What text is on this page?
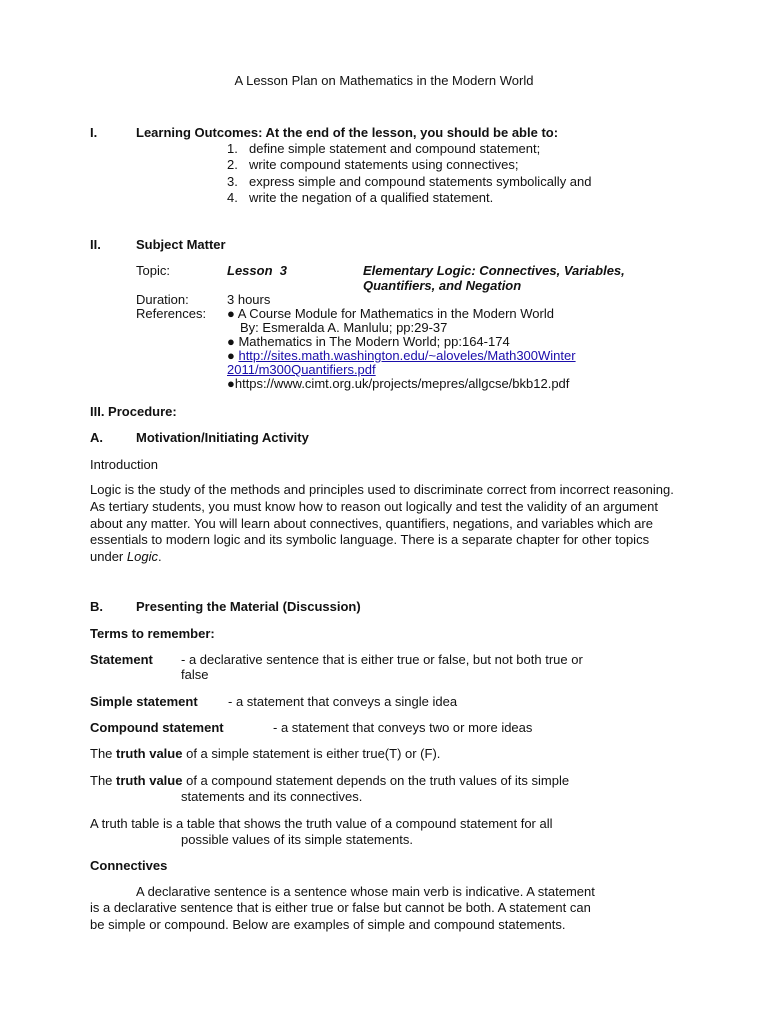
A Lesson Plan on Mathematics in the Modern World
I.	Learning Outcomes: At the end of the lesson, you should be able to:
1. define simple statement and compound statement;
2. write compound statements using connectives;
3. express simple and compound statements symbolically and
4. write the negation of a qualified statement.
II.	Subject Matter
Topic:	Lesson  3	Elementary Logic: Connectives, Variables,
Quantifiers, and Negation
Duration:	3 hours
References: ● A Course Module for Mathematics in the Modern World
By: Esmeralda A. Manlulu; pp:29-37
● Mathematics in The Modern World; pp:164-174
● http://sites.math.washington.edu/~aloveles/Math300Winter
2011/m300Quantifiers.pdf
●https://www.cimt.org.uk/projects/mepres/allgcse/bkb12.pdf
III. Procedure:
A.	Motivation/Initiating Activity
Introduction
Logic is the study of the methods and principles used to discriminate correct from incorrect reasoning. As tertiary students, you must know how to reason out logically and test the validity of an argument about any matter. You will learn about connectives, quantifiers, negations, and variables which are essentials to modern logic and its symbolic language. There is a separate chapter for other topics under Logic.
B.	Presenting the Material (Discussion)
Terms to remember:
Statement - a declarative sentence that is either true or false, but not both true or
false
Simple statement - a statement that conveys a single idea
Compound statement	- a statement that conveys two or more ideas
The truth value of a simple statement is either true(T) or (F).
The truth value of a compound statement depends on the truth values of its simple
statements and its connectives.
A truth table is a table that shows the truth value of a compound statement for all
possible values of its simple statements.
Connectives
A declarative sentence is a sentence whose main verb is indicative. A statement
is a declarative sentence that is either true or false but cannot be both. A statement can
be simple or compound. Below are examples of simple and compound statements.
